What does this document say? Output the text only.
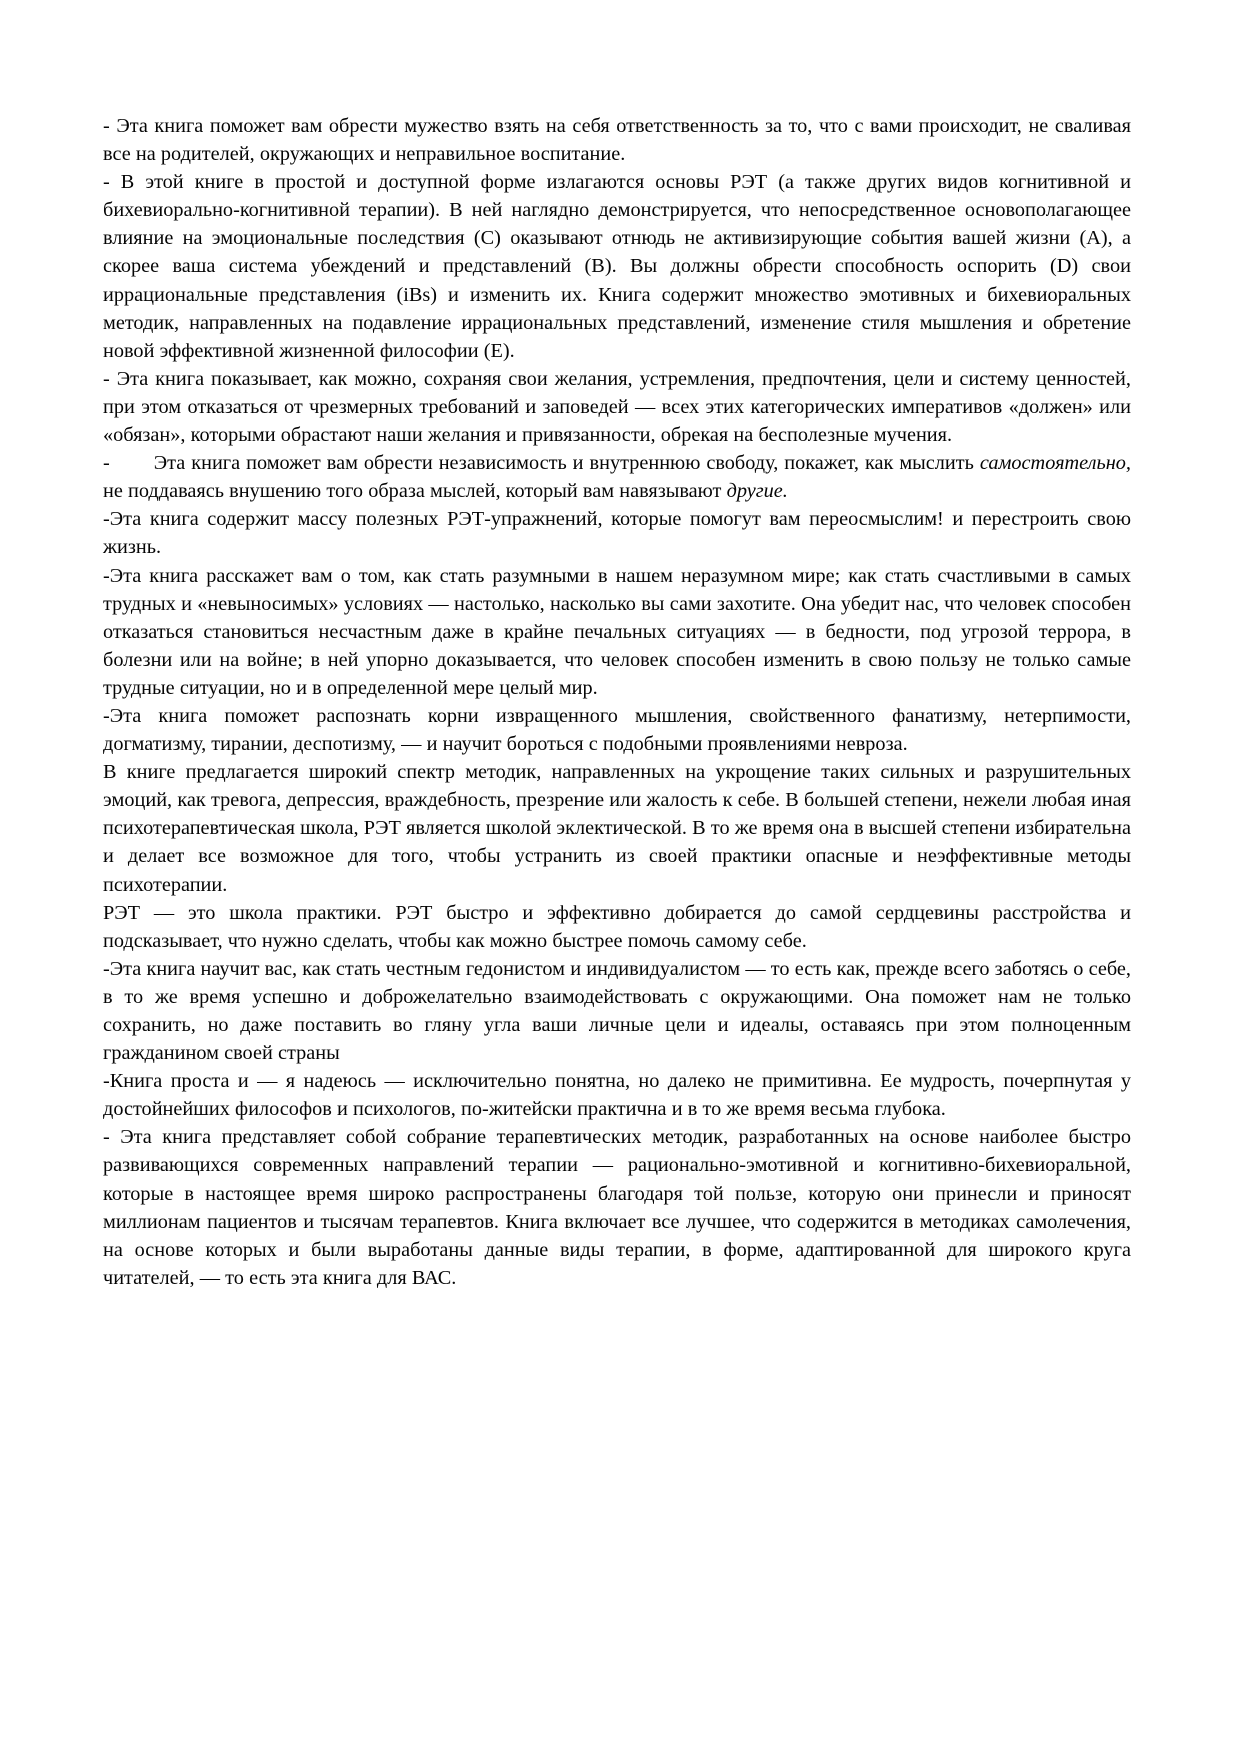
- Эта книга поможет вам обрести мужество взять на себя ответственность за то, что с вами происходит, не сваливая все на родителей, окружающих и неправильное воспитание.

- В этой книге в простой и доступной форме излагаются основы РЭТ (а также других видов когнитивной и бихевиорально-когнитивной терапии). В ней наглядно демонстрируется, что непосредственное основополагающее влияние на эмоциональные последствия (C) оказывают отнюдь не активизирующие события вашей жизни (A), а скорее ваша система убеждений и представлений (B). Вы должны обрести способность оспорить (D) свои иррациональные представления (iBs) и изменить их. Книга содержит множество эмотивных и бихевиоральных методик, направленных на подавление иррациональных представлений, изменение стиля мышления и обретение новой эффективной жизненной философии (E).

- Эта книга показывает, как можно, сохраняя свои желания, устремления, предпочтения, цели и систему ценностей, при этом отказаться от чрезмерных требований и заповедей — всех этих категорических императивов «должен» или «обязан», которыми обрастают наши желания и привязанности, обрекая на бесполезные мучения.

- Эта книга поможет вам обрести независимость и внутреннюю свободу, покажет, как мыслить самостоятельно, не поддаваясь внушению того образа мыслей, который вам навязывают другие.

-Эта книга содержит массу полезных РЭТ-упражнений, которые помогут вам переосмыслим! и перестроить свою жизнь.

-Эта книга расскажет вам о том, как стать разумными в нашем неразумном мире; как стать счастливыми в самых трудных и «невыносимых» условиях — настолько, насколько вы сами захотите. Она убедит нас, что человек способен отказаться становиться несчастным даже в крайне печальных ситуациях — в бедности, под угрозой террора, в болезни или на войне; в ней упорно доказывается, что человек способен изменить в свою пользу не только самые трудные ситуации, но и в определенной мере целый мир.

-Эта книга поможет распознать корни извращенного мышления, свойственного фанатизму, нетерпимости, догматизму, тирании, деспотизму, — и научит бороться с подобными проявлениями невроза.

В книге предлагается широкий спектр методик, направленных на укрощение таких сильных и разрушительных эмоций, как тревога, депрессия, враждебность, презрение или жалость к себе. В большей степени, нежели любая иная психотерапевтическая школа, РЭТ является школой эклектической. В то же время она в высшей степени избирательна и делает все возможное для того, чтобы устранить из своей практики опасные и неэффективные методы психотерапии.

РЭТ — это школа практики. РЭТ быстро и эффективно добирается до самой сердцевины расстройства и подсказывает, что нужно сделать, чтобы как можно быстрее помочь самому себе.

-Эта книга научит вас, как стать честным гедонистом и индивидуалистом — то есть как, прежде всего заботясь о себе, в то же время успешно и доброжелательно взаимодействовать с окружающими. Она поможет нам не только сохранить, но даже поставить во гляну угла ваши личные цели и идеалы, оставаясь при этом полноценным гражданином своей страны

-Книга проста и — я надеюсь — исключительно понятна, но далеко не примитивна. Ее мудрость, почерпнутая у достойнейших философов и психологов, по-житейски практична и в то же время весьма глубока.

- Эта книга представляет собой собрание терапевтических методик, разработанных на основе наиболее быстро развивающихся современных направлений терапии — рационально-эмотивной и когнитивно-бихевиоральной, которые в настоящее время широко распространены благодаря той пользе, которую они принесли и приносят миллионам пациентов и тысячам терапевтов. Книга включает все лучшее, что содержится в методиках самолечения, на основе которых и были выработаны данные виды терапии, в форме, адаптированной для широкого круга читателей, — то есть эта книга для ВАС.
